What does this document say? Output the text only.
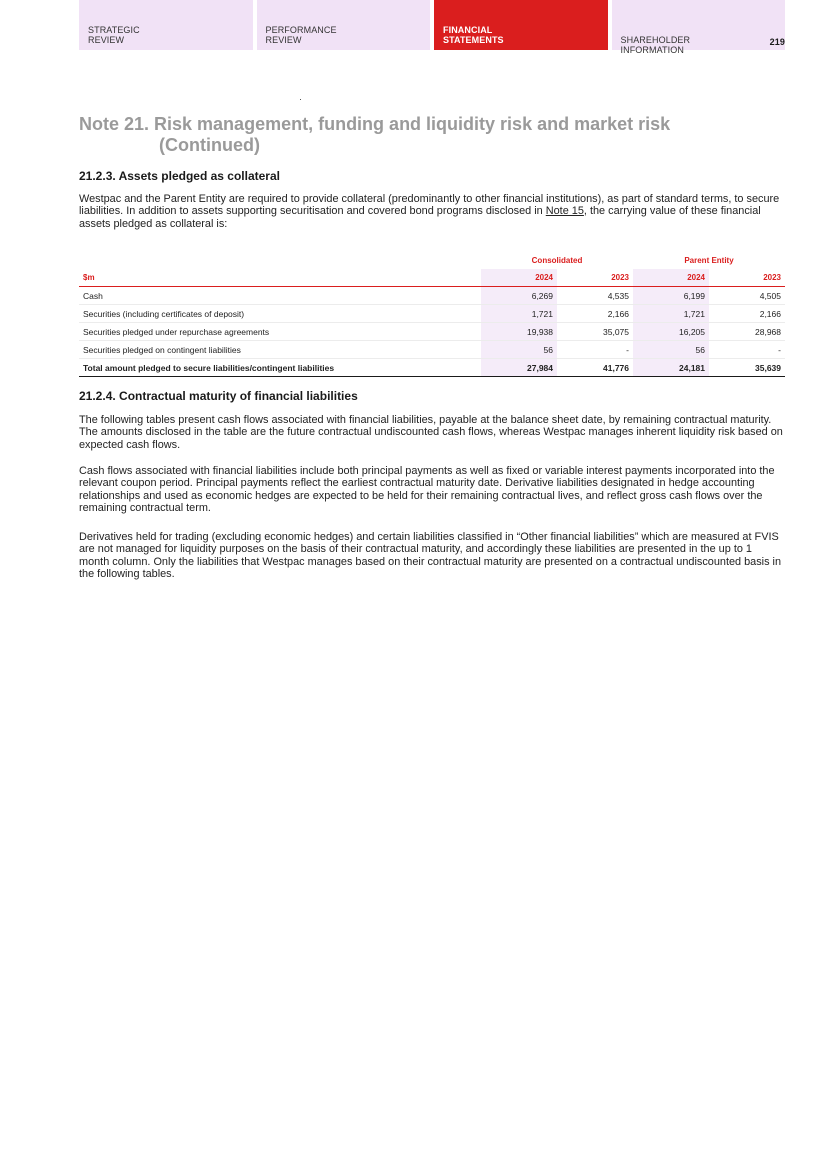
STRATEGIC
REVIEW
PERFORMANCE
REVIEW
FINANCIAL
STATEMENTS	SHAREHOLDER
INFORMATION

219

Note 21. Risk management, funding and liquidity risk and market risk
(Continued)
21.2.3. Assets pledged as collateral

Westpac and the Parent Entity are required to provide collateral (predominantly to other financial institutions), as part of standard terms, to secure liabilities. In addition to assets supporting securitisation and covered bond programs disclosed in Note 15, the carrying value of these financial assets pledged as collateral is:

	Consolidated		Parent Entity	
$m	2024	2023	2024	2023
Cash	6,269	4,535	6,199	4,505
Securities (including certificates of deposit)	1,721	2,166	1,721	2,166
Securities pledged under repurchase agreements	19,938	35,075	16,205	28,968
Securities pledged on contingent liabilities	56	-	56	-
Total amount pledged to secure liabilities/contingent liabilities	27,984	41,776	24,181	35,639
21.2.4. Contractual maturity of financial liabilities

The following tables present cash flows associated with financial liabilities, payable at the balance sheet date, by remaining contractual maturity. The amounts disclosed in the table are the future contractual undiscounted cash flows, whereas Westpac manages inherent liquidity risk based on expected cash flows.

Cash flows associated with financial liabilities include both principal payments as well as fixed or variable interest payments incorporated into the relevant coupon period. Principal payments reflect the earliest contractual maturity date. Derivative liabilities designated in hedge accounting relationships and used as economic hedges are expected to be held for their remaining contractual lives, and reflect gross cash flows over the remaining contractual term.

Derivatives held for trading (excluding economic hedges) and certain liabilities classified in “Other financial liabilities” which are measured at FVIS are not managed for liquidity purposes on the basis of their contractual maturity, and accordingly these liabilities are presented in the up to 1 month column. Only the liabilities that Westpac manages based on their contractual maturity are presented on a contractual undiscounted basis in the following tables.
